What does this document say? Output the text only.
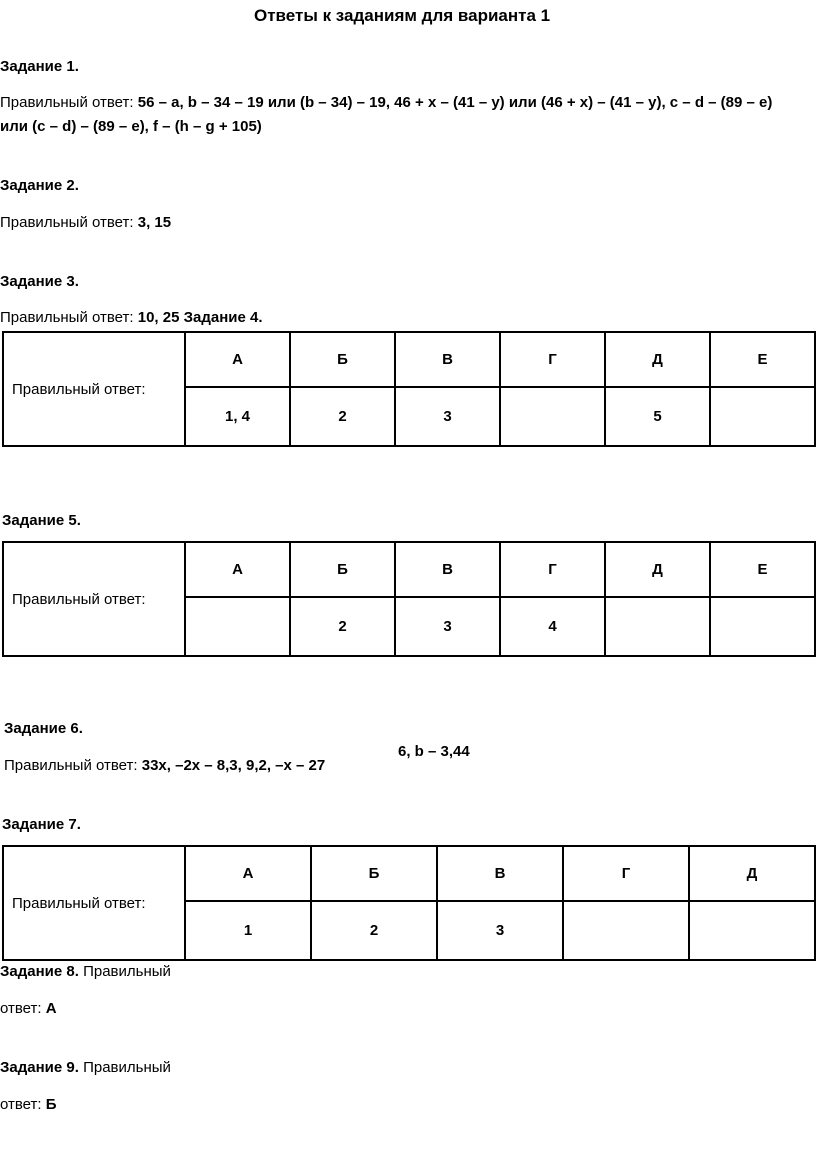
Ответы к заданиям для варианта 1
Задание 1.
Правильный ответ: 56 – a, b – 34 – 19 или (b – 34) – 19, 46 + x – (41 – y) или (46 + x) – (41 – y), c – d – (89 – e)
или (c – d) – (89 – e), f – (h – g + 105)
Задание 2.
Правильный ответ: 3, 15
Задание 3.
Правильный ответ: 10, 25 Задание 4.
Правильный ответ:	А	Б	В	Г	Д	Е
	1, 4	2	3		5	
Задание 5.
Правильный ответ:	А	Б	В	Г	Д	Е
		2	3	4		
Задание 6.
Правильный ответ: 33x, –2x – 8,3, 9,2, –x – 27
6, b – 3,44
Задание 7.
Правильный ответ:	А	Б	В	Г	Д
	1	2	3		
Задание 8. Правильный
ответ: А
Задание 9. Правильный
ответ: Б
